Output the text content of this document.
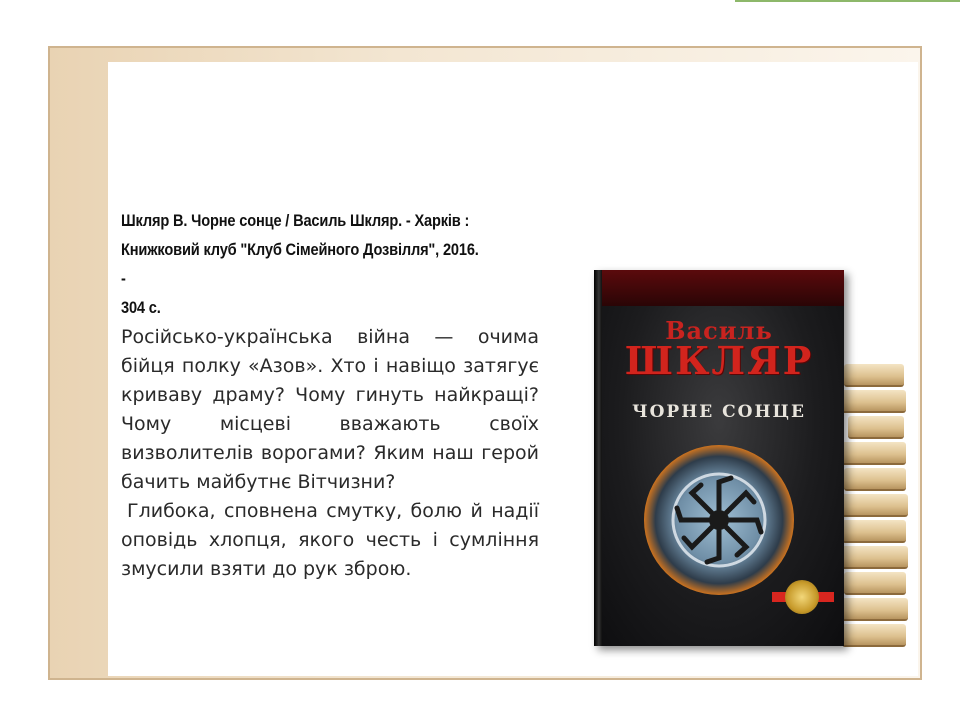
Шкляр В. Чорне сонце / Василь Шкляр. - Харків :
Книжковий клуб "Клуб Сімейного Дозвілля", 2016. -
304 с.

Російсько-українська війна — очима бійця полку «Азов». Хто і навіщо затягує криваву драму? Чому гинуть найкращі? Чому місцеві вважають своїх визволителів ворогами? Яким наш герой бачить майбутнє Вітчизни?

Глибока, сповнена смутку, болю й надії оповідь хлопця, якого честь і сумління змусили взяти до рук зброю.

Василь
ШКЛЯР
ЧОРНЕ СОНЦЕ
